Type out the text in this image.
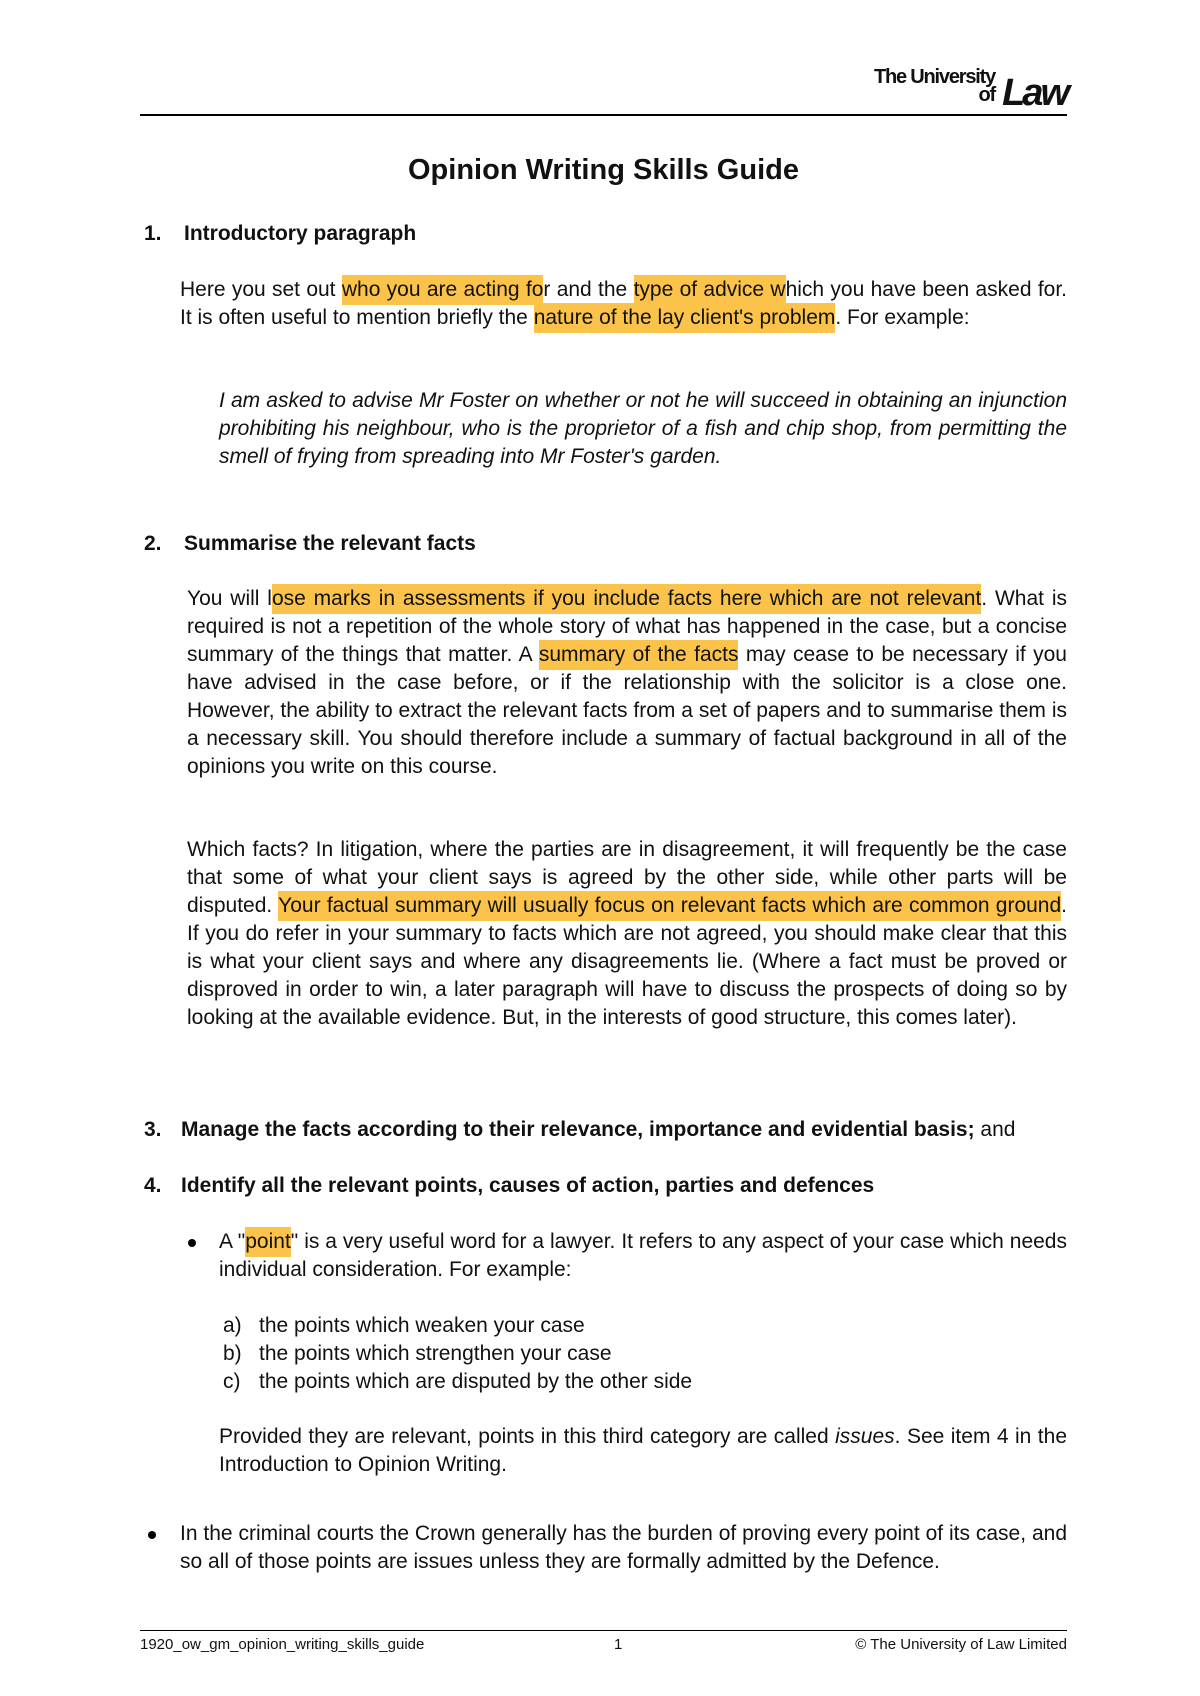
The University
of Law
Opinion Writing Skills Guide
1. Introductory paragraph

Here you set out who you are acting for and the type of advice which you have been asked for. It is often useful to mention briefly the nature of the lay client's problem. For example:

I am asked to advise Mr Foster on whether or not he will succeed in obtaining an injunction prohibiting his neighbour, who is the proprietor of a fish and chip shop, from permitting the smell of frying from spreading into Mr Foster's garden.

2. Summarise the relevant facts

You will lose marks in assessments if you include facts here which are not relevant. What is required is not a repetition of the whole story of what has happened in the case, but a concise summary of the things that matter. A summary of the facts may cease to be necessary if you have advised in the case before, or if the relationship with the solicitor is a close one. However, the ability to extract the relevant facts from a set of papers and to summarise them is a necessary skill. You should therefore include a summary of factual background in all of the opinions you write on this course.

Which facts? In litigation, where the parties are in disagreement, it will frequently be the case that some of what your client says is agreed by the other side, while other parts will be disputed. Your factual summary will usually focus on relevant facts which are common ground. If you do refer in your summary to facts which are not agreed, you should make clear that this is what your client says and where any disagreements lie. (Where a fact must be proved or disproved in order to win, a later paragraph will have to discuss the prospects of doing so by looking at the available evidence. But, in the interests of good structure, this comes later).

3. Manage the facts according to their relevance, importance and evidential basis; and
4. Identify all the relevant points, causes of action, parties and defences

A "point" is a very useful word for a lawyer. It refers to any aspect of your case which needs individual consideration. For example:

a) the points which weaken your case
b) the points which strengthen your case
c) the points which are disputed by the other side

Provided they are relevant, points in this third category are called issues. See item 4 in the Introduction to Opinion Writing.

In the criminal courts the Crown generally has the burden of proving every point of its case, and so all of those points are issues unless they are formally admitted by the Defence.

1920_ow_gm_opinion_writing_skills_guide	1	© The University of Law Limited
